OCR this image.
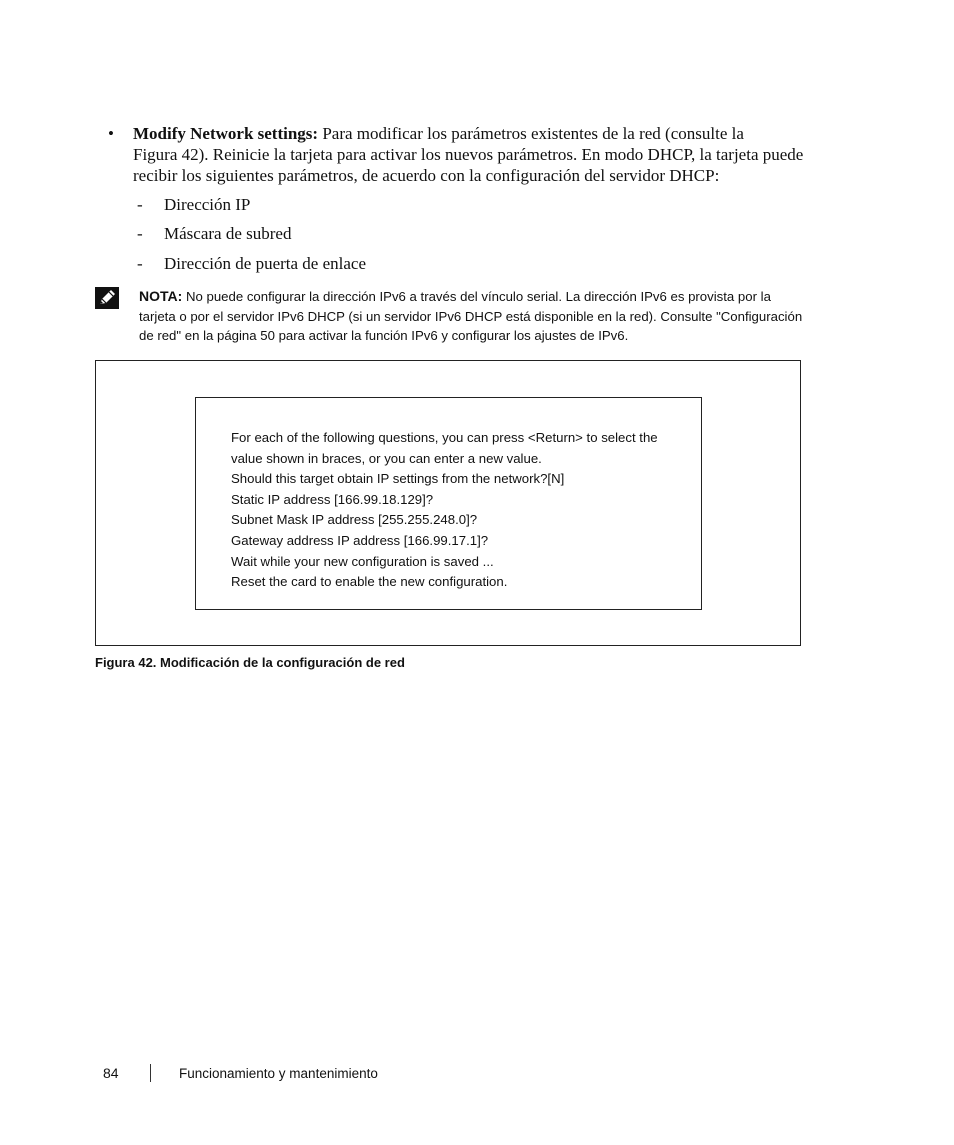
• Modify Network settings: Para modificar los parámetros existentes de la red (consulte la
Figura 42). Reinicie la tarjeta para activar los nuevos parámetros. En modo DHCP, la tarjeta puede
recibir los siguientes parámetros, de acuerdo con la configuración del servidor DHCP:
- Dirección IP
- Máscara de subred
- Dirección de puerta de enlace
NOTA: No puede configurar la dirección IPv6 a través del vínculo serial. La dirección IPv6 es provista por la
tarjeta o por el servidor IPv6 DHCP (si un servidor IPv6 DHCP está disponible en la red). Consulte "Configuración
de red" en la página 50 para activar la función IPv6 y configurar los ajustes de IPv6.
For each of the following questions, you can press <Return> to select the
value shown in braces, or you can enter a new value.
Should this target obtain IP settings from the network?[N]
Static IP address [166.99.18.129]?
Subnet Mask IP address [255.255.248.0]?
Gateway address IP address [166.99.17.1]?
Wait while your new configuration is saved ...
Reset the card to enable the new configuration.
Figura 42. Modificación de la configuración de red
84	Funcionamiento y mantenimiento
